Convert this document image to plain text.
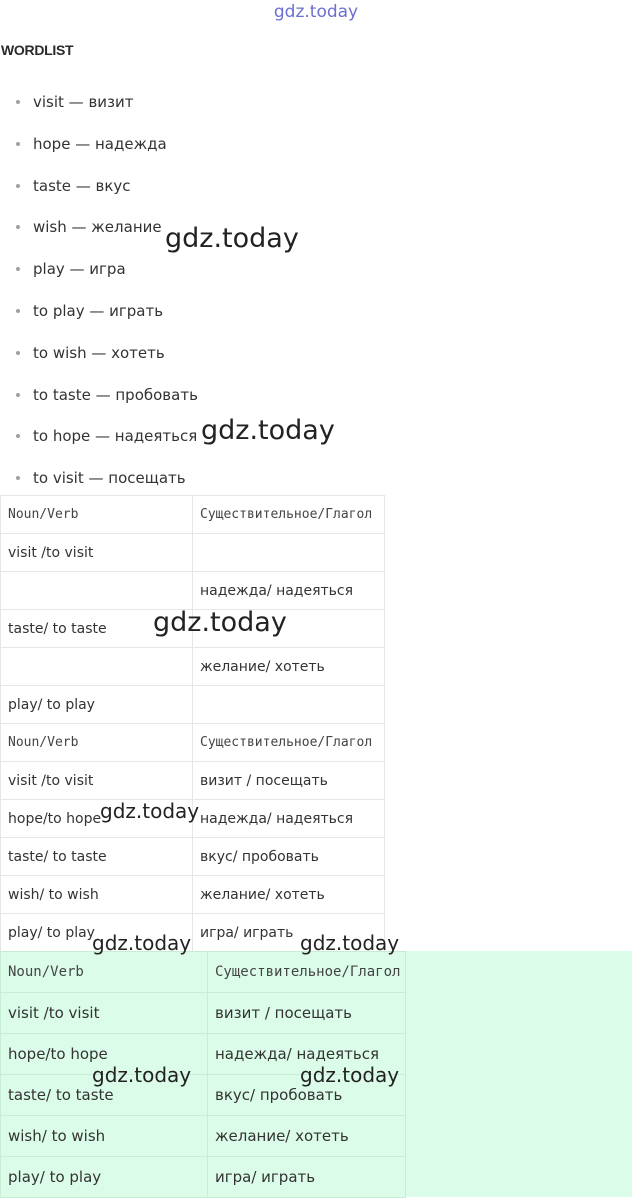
gdz.today
WORDLIST
visit — визит
hope — надежда
taste — вкус
wish — желание
play — игра
to play — играть
to wish — хотеть
to taste — пробовать
to hope — надеяться
to visit — посещать
Noun/Verb	Существительное/Глагол
visit /to visit	
	надежда/ надеяться
taste/ to taste	
	желание/ хотеть
play/ to play	
Noun/Verb	Существительное/Глагол
visit /to visit	визит / посещать
hope/to hope	надежда/ надеяться
taste/ to taste	вкус/ пробовать
wish/ to wish	желание/ хотеть
play/ to play	игра/ играть
Noun/Verb	Существительное/Глагол
visit /to visit	визит / посещать
hope/to hope	надежда/ надеяться
taste/ to taste	вкус/ пробовать
wish/ to wish	желание/ хотеть
play/ to play	игра/ играть
gdz.today
gdz.today
gdz.today
gdz.today
gdz.today	gdz.today
gdz.today	gdz.today
